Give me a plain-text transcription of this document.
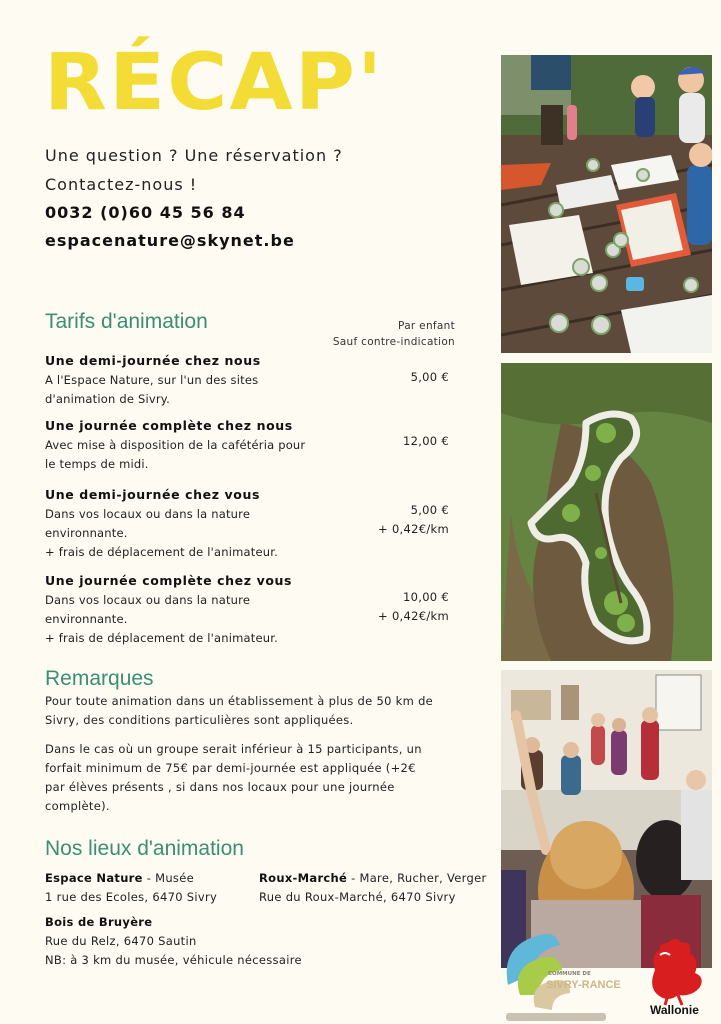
RÉCAP'
Une question ? Une réservation ?
Contactez-nous !
0032 (0)60 45 56 84
espacenature@skynet.be
Tarifs d'animation	Par enfant
Sauf contre-indication
Une demi-journée chez nous
A l'Espace Nature, sur l'un des sites
d'animation de Sivry.
5,00 €
Une journée complète chez nous
Avec mise à disposition de la cafétéria pour
le temps de midi.
12,00 €
Une demi-journée chez vous
Dans vos locaux ou dans la nature
environnante.
+ frais de déplacement de l'animateur.
5,00 €
+ 0,42€/km
Une journée complète chez vous
Dans vos locaux ou dans la nature
environnante.
+ frais de déplacement de l'animateur.
10,00 €
+ 0,42€/km
Remarques
Pour toute animation dans un établissement à plus de 50 km de
Sivry, des conditions particulières sont appliquées.
Dans le cas où un groupe serait inférieur à 15 participants, un
forfait minimum de 75€ par demi-journée est appliquée (+2€
par élèves présents , si dans nos locaux pour une journée
complète).
Nos lieux d'animation
Espace Nature - Musée
1 rue des Ecoles, 6470 Sivry
Roux-Marché - Mare, Rucher, Verger
Rue du Roux-Marché, 6470 Sivry
Bois de Bruyère
Rue du Relz, 6470 Sautin
NB: à 3 km du musée, véhicule nécessaire
COMMUNE DE
SIVRY-RANCE
Wallonie
